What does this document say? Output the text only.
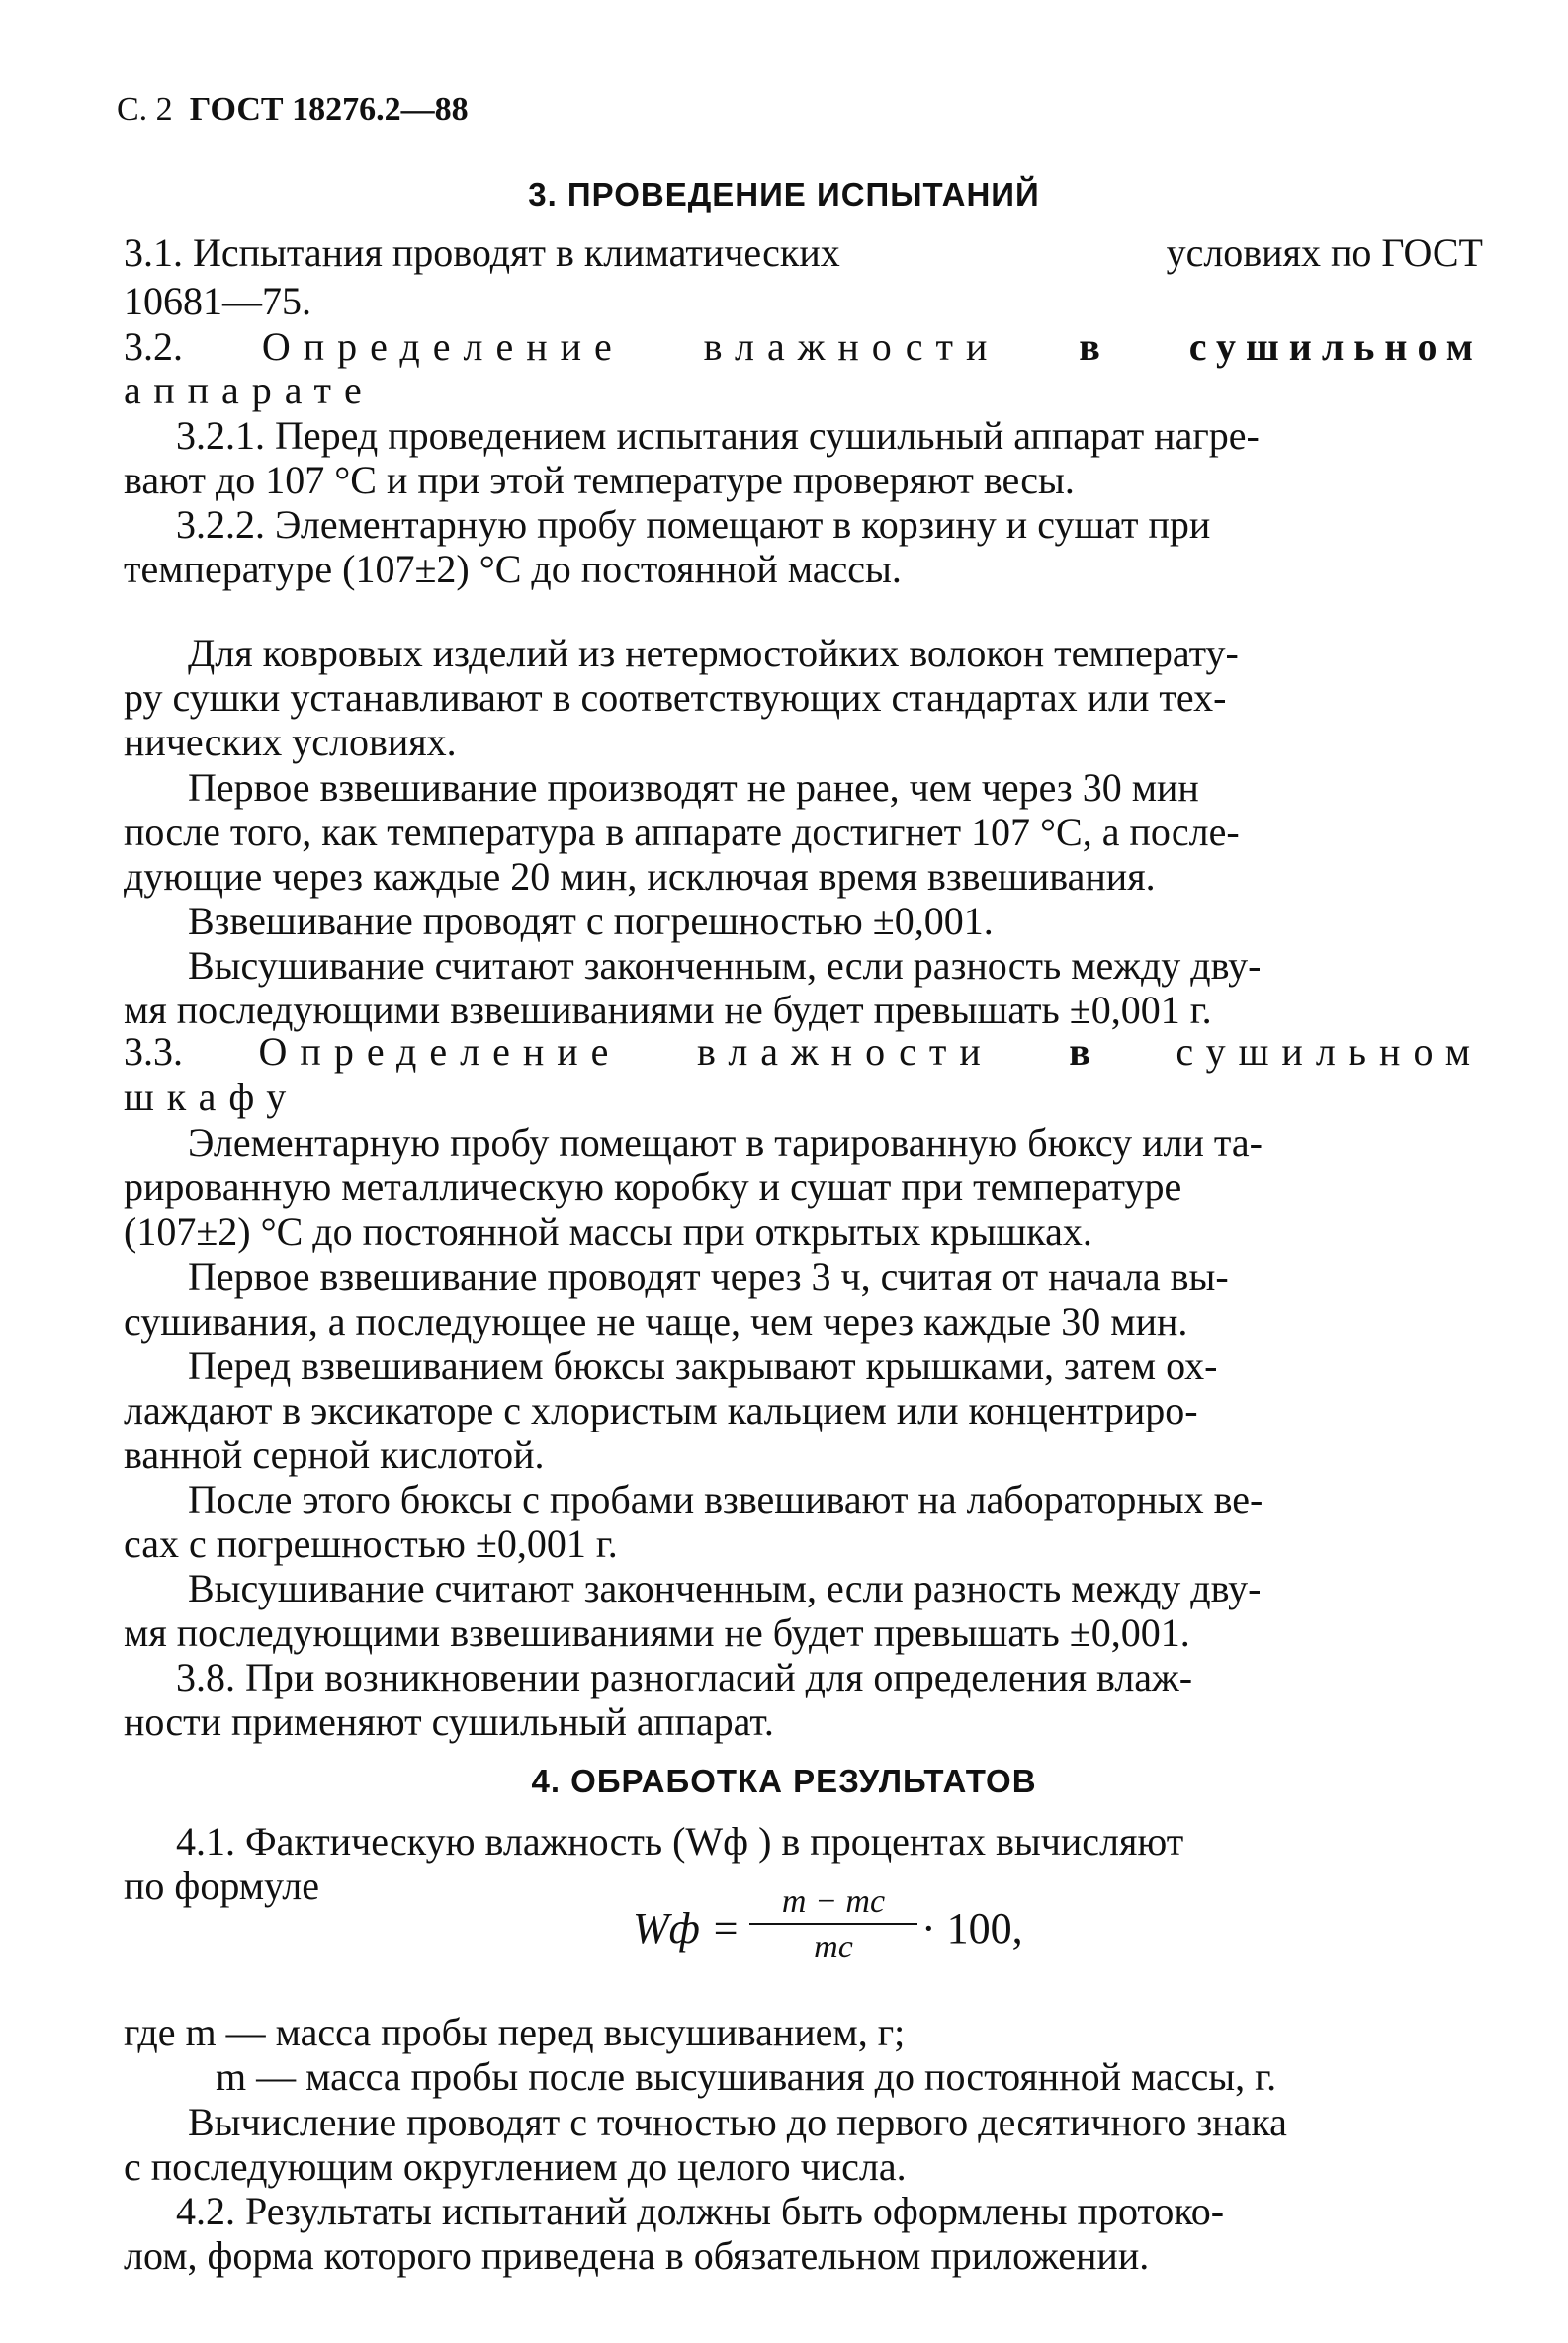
С. 2 ГОСТ 18276.2—88
3. ПРОВЕДЕНИЕ ИСПЫТАНИЙ
3.1. Испытания проводят в климатических	условиях по ГОСТ
10681—75.
3.2. Определение влажности в сушильном
аппарате
3.2.1. Перед проведением испытания сушильный аппарат нагре-
вают до 107 °С и при этой температуре проверяют весы.
3.2.2. Элементарную пробу помещают в корзину и сушат при
температуре (107±2) °С до постоянной массы.
Для ковровых изделий из нетермостойких волокон температу-
ру сушки устанавливают в соответствующих стандартах или тех-
нических условиях.
Первое взвешивание производят не ранее, чем через 30 мин
после того, как температура в аппарате достигнет 107 °С, а после-
дующие через каждые 20 мин, исключая время взвешивания.
Взвешивание проводят с погрешностью ±0,001.
Высушивание считают законченным, если разность между дву-
мя последующими взвешиваниями не будет превышать ±0,001 г.
3.3. Определение влажности в сушильном
шкафу
Элементарную пробу помещают в тарированную бюксу или та-
рированную металлическую коробку и сушат при температуре
(107±2) °С до постоянной массы при открытых крышках.
Первое взвешивание проводят через 3 ч, считая от начала вы-
сушивания, а последующее не чаще, чем через каждые 30 мин.
Перед взвешиванием бюксы закрывают крышками, затем ох-
лаждают в эксикаторе с хлористым кальцием или концентриро-
ванной серной кислотой.
После этого бюксы с пробами взвешивают на лабораторных ве-
сах с погрешностью ±0,001 г.
Высушивание считают законченным, если разность между дву-
мя последующими взвешиваниями не будет превышать ±0,001.
3.8. При возникновении разногласий для определения влаж-
ности применяют сушильный аппарат.
4. ОБРАБОТКА РЕЗУЛЬТАТОВ
4.1. Фактическую влажность (Wф ) в процентах вычисляют
по формуле
Wф =
m − mс
mс	· 100,
где m — масса пробы перед высушиванием, г;
m — масса пробы после высушивания до постоянной массы, г.
Вычисление проводят с точностью до первого десятичного знака
с последующим округлением до целого числа.
4.2. Результаты испытаний должны быть оформлены протоко-
лом, форма которого приведена в обязательном приложении.
